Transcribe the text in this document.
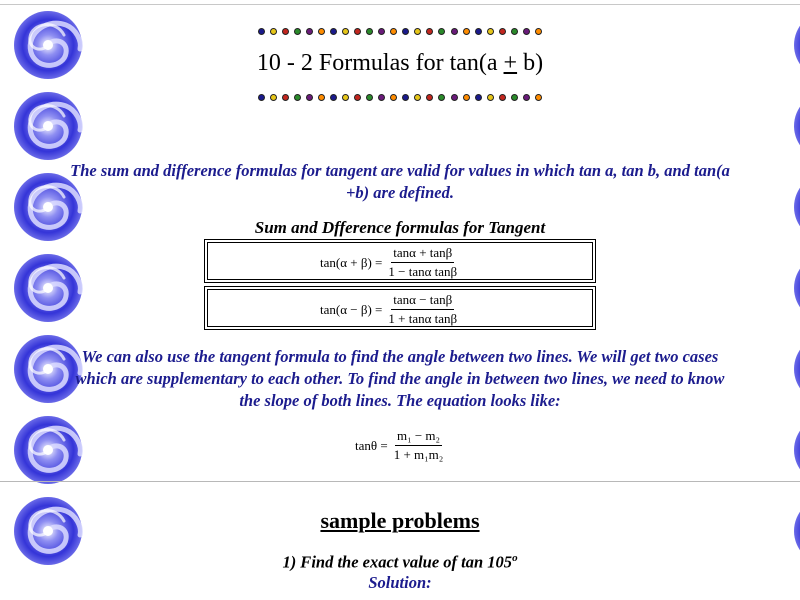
10 - 2 Formulas for tan(a + b)
The sum and difference formulas for tangent are valid for values in which tan a, tan b, and tan(a +b) are defined.
Sum and Dfference formulas for Tangent
$\tan(\alpha + \beta) = \frac{\tan\alpha + \tan\beta}{\text{1 − tanα tanβ}}$
$\tan(\alpha - \beta) = \frac{\tan\alpha - \tan\beta}{\text{1 + tanα tanβ}}$
We can also use the tangent formula to find the angle between two lines. We will get two cases which are supplementary to each other. To find the angle in between two lines, we need to know the slope of both lines. The equation looks like:
$\tan\theta = \frac{\text{m₁ − m₂}}{\text{1 + m₁m₂}}$
sample problems
1) Find the exact value of tan 105$^o$
Solution:
